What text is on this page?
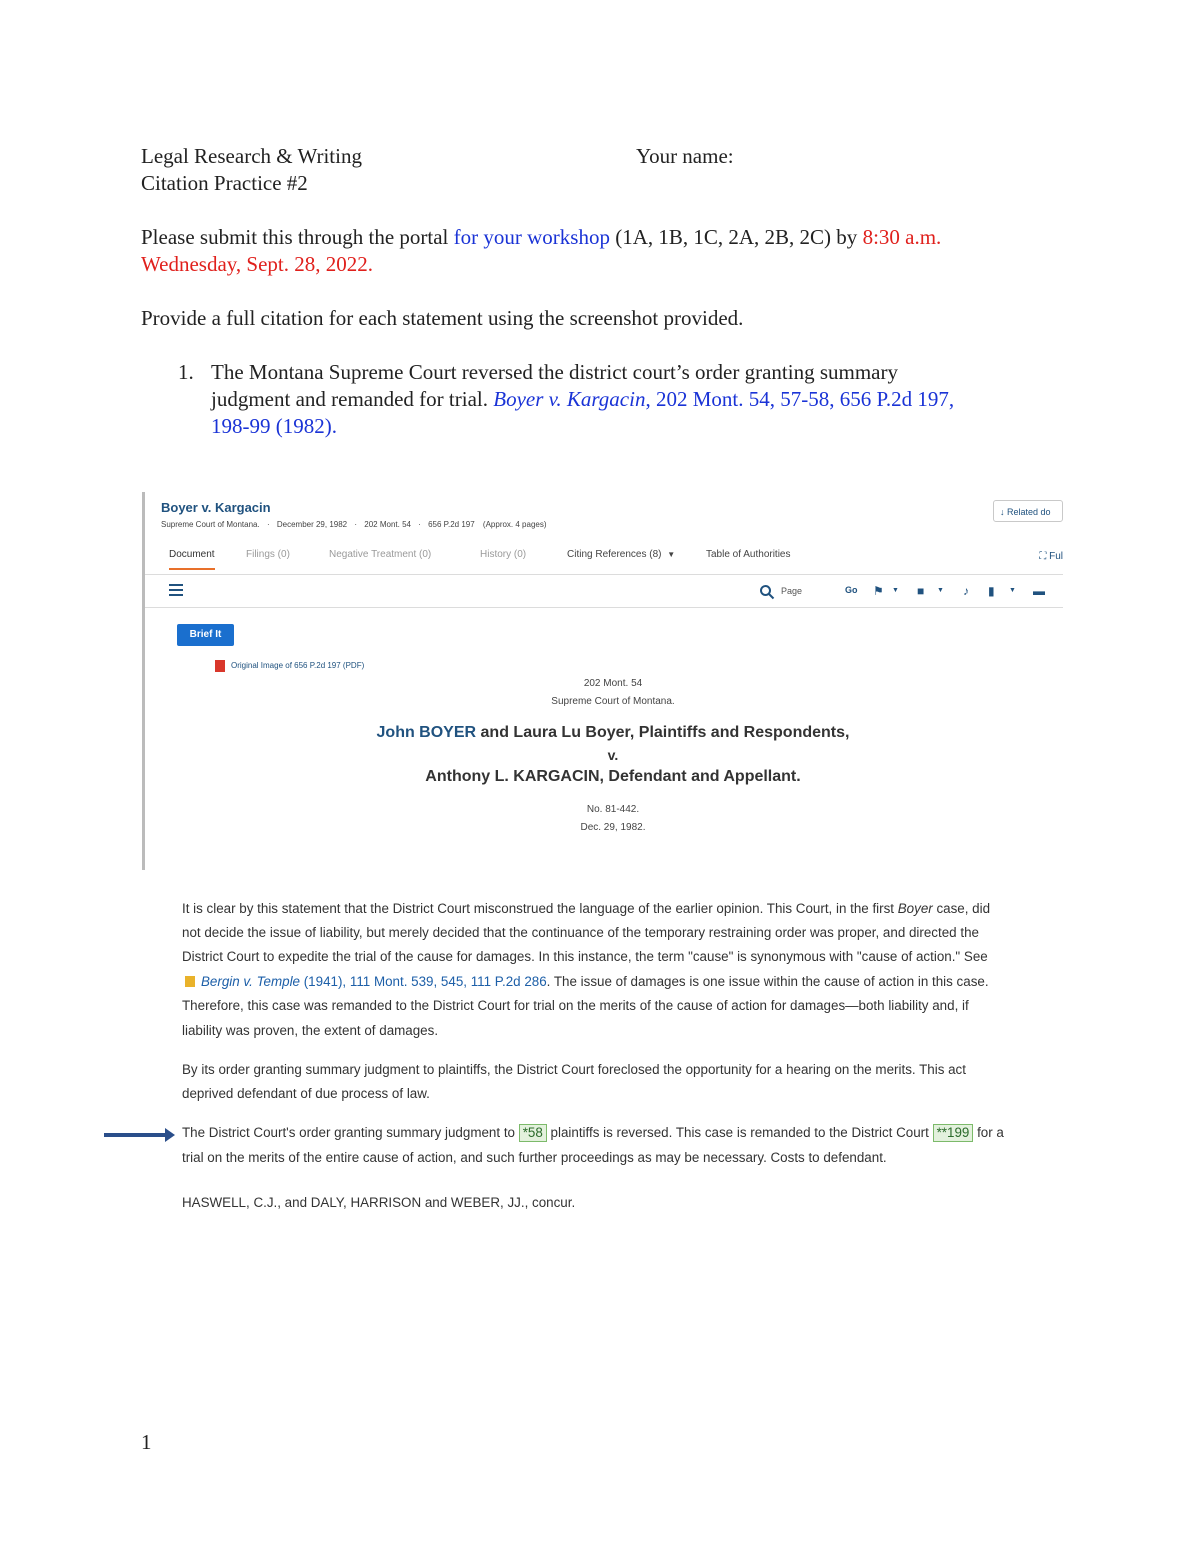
Legal Research & Writing	Your name:
Citation Practice #2
Please submit this through the portal for your workshop (1A, 1B, 1C, 2A, 2B, 2C) by 8:30 a.m.
Wednesday, Sept. 28, 2022.
Provide a full citation for each statement using the screenshot provided.
1. The Montana Supreme Court reversed the district court’s order granting summary
judgment and remanded for trial. Boyer v. Kargacin, 202 Mont. 54, 57-58, 656 P.2d 197,
198-99 (1982).
Boyer v. Kargacin
Supreme Court of Montana. · December 29, 1982 · 202 Mont. 54 · 656 P.2d 197 (Approx. 4 pages)
↓ Related do
Document	Filings (0)	Negative Treatment (0)	History (0)	Citing References (8) ▼	Table of Authorities	⛶ Ful
Page	Go ⚑ ▼ ■ ▼ ♪ ▮ ▼ ▬
Brief It
Original Image of 656 P.2d 197 (PDF)
202 Mont. 54
Supreme Court of Montana.
John BOYER and Laura Lu Boyer, Plaintiffs and Respondents,
v.
Anthony L. KARGACIN, Defendant and Appellant.
No. 81-442.
Dec. 29, 1982.
It is clear by this statement that the District Court misconstrued the language of the earlier opinion. This Court, in the first Boyer case, did
not decide the issue of liability, but merely decided that the continuance of the temporary restraining order was proper, and directed the
District Court to expedite the trial of the cause for damages. In this instance, the term "cause" is synonymous with "cause of action." See
Bergin v. Temple (1941), 111 Mont. 539, 545, 111 P.2d 286. The issue of damages is one issue within the cause of action in this case.
Therefore, this case was remanded to the District Court for trial on the merits of the cause of action for damages—both liability and, if
liability was proven, the extent of damages.
By its order granting summary judgment to plaintiffs, the District Court foreclosed the opportunity for a hearing on the merits. This act
deprived defendant of due process of law.
The District Court's order granting summary judgment to *58 plaintiffs is reversed. This case is remanded to the District Court **199 for a
trial on the merits of the entire cause of action, and such further proceedings as may be necessary. Costs to defendant.
HASWELL, C.J., and DALY, HARRISON and WEBER, JJ., concur.
1
